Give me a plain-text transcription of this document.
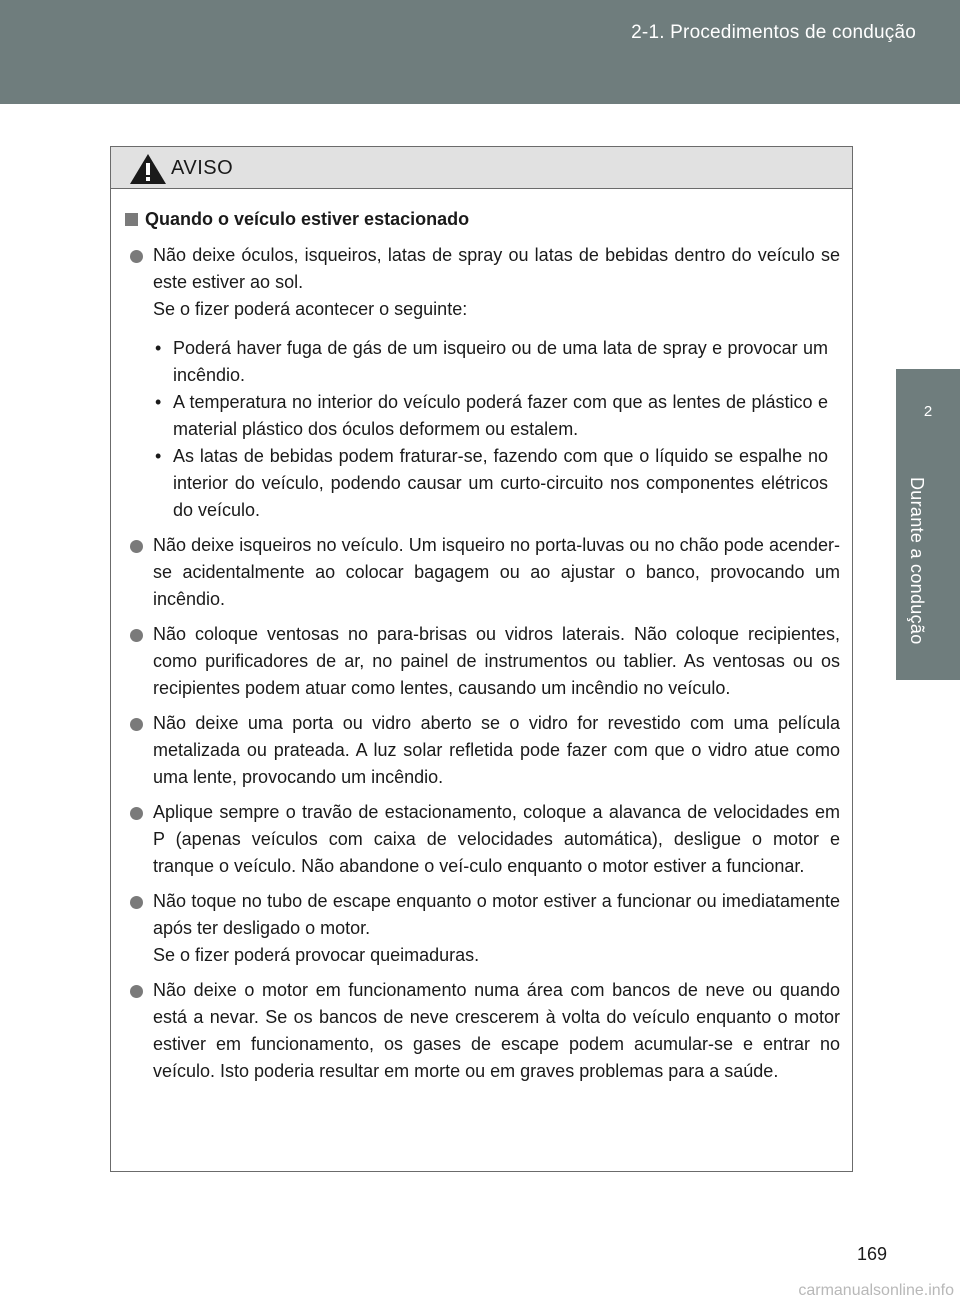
2-1. Procedimentos de condução
2
Durante a condução
AVISO
Quando o veículo estiver estacionado
Não deixe óculos, isqueiros, latas de spray ou latas de bebidas dentro do veículo se este estiver ao sol.
Se o fizer poderá acontecer o seguinte:
• Poderá haver fuga de gás de um isqueiro ou de uma lata de spray e provocar um incêndio.
• A temperatura no interior do veículo poderá fazer com que as lentes de plástico e material plástico dos óculos deformem ou estalem.
• As latas de bebidas podem fraturar-se, fazendo com que o líquido se espalhe no interior do veículo, podendo causar um curto-circuito nos componentes elétricos do veículo.
Não deixe isqueiros no veículo. Um isqueiro no porta-luvas ou no chão pode acender-se acidentalmente ao colocar bagagem ou ao ajustar o banco, provocando um incêndio.
Não coloque ventosas no para-brisas ou vidros laterais. Não coloque recipientes, como purificadores de ar, no painel de instrumentos ou tablier. As ventosas ou os recipientes podem atuar como lentes, causando um incêndio no veículo.
Não deixe uma porta ou vidro aberto se o vidro for revestido com uma película metalizada ou prateada. A luz solar refletida pode fazer com que o vidro atue como uma lente, provocando um incêndio.
Aplique sempre o travão de estacionamento, coloque a alavanca de velocidades em P (apenas veículos com caixa de velocidades automática), desligue o motor e tranque o veículo. Não abandone o veí-culo enquanto o motor estiver a funcionar.
Não toque no tubo de escape enquanto o motor estiver a funcionar ou imediatamente após ter desligado o motor.
Se o fizer poderá provocar queimaduras.
Não deixe o motor em funcionamento numa área com bancos de neve ou quando está a nevar. Se os bancos de neve crescerem à volta do veículo enquanto o motor estiver em funcionamento, os gases de escape podem acumular-se e entrar no veículo. Isto poderia resultar em morte ou em graves problemas para a saúde.
169
carmanualsonline.info
